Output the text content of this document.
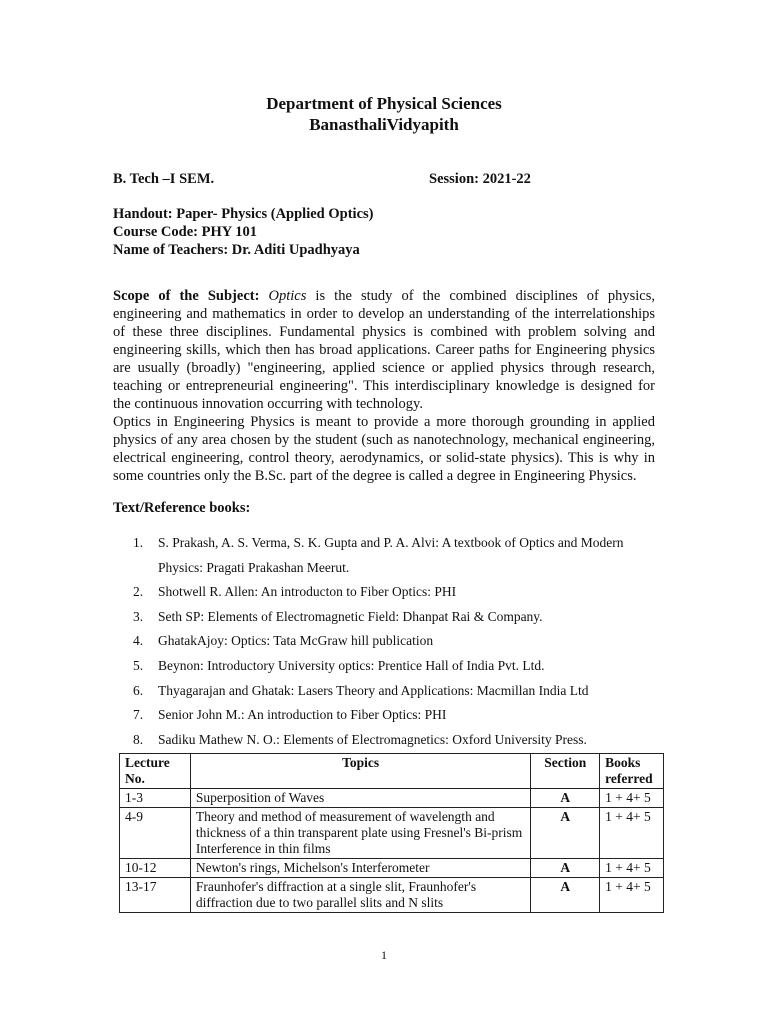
Department of Physical Sciences
BanasthaliVidyapith
B. Tech –I SEM.	Session: 2021-22
Handout: Paper- Physics (Applied Optics)
Course Code: PHY 101
Name of Teachers: Dr. Aditi Upadhyaya
Scope of the Subject: Optics is the study of the combined disciplines of physics, engineering and mathematics in order to develop an understanding of the interrelationships of these three disciplines. Fundamental physics is combined with problem solving and engineering skills, which then has broad applications. Career paths for Engineering physics are usually (broadly) "engineering, applied science or applied physics through research, teaching or entrepreneurial engineering". This interdisciplinary knowledge is designed for the continuous innovation occurring with technology.
Optics in Engineering Physics is meant to provide a more thorough grounding in applied physics of any area chosen by the student (such as nanotechnology, mechanical engineering, electrical engineering, control theory, aerodynamics, or solid-state physics). This is why in some countries only the B.Sc. part of the degree is called a degree in Engineering Physics.
Text/Reference books:
1. S. Prakash, A. S. Verma, S. K. Gupta and P. A. Alvi: A textbook of Optics and Modern
Physics: Pragati Prakashan Meerut.
2. Shotwell R. Allen: An introducton to Fiber Optics: PHI
3. Seth SP: Elements of Electromagnetic Field: Dhanpat Rai & Company.
4. GhatakAjoy: Optics: Tata McGraw hill publication
5. Beynon: Introductory University optics: Prentice Hall of India Pvt. Ltd.
6. Thyagarajan and Ghatak: Lasers Theory and Applications: Macmillan India Ltd
7. Senior John M.: An introduction to Fiber Optics: PHI
8. Sadiku Mathew N. O.: Elements of Electromagnetics: Oxford University Press.
Lecture No.	Topics	Section	Books referred
1-3	Superposition of Waves	A	1 + 4+ 5
4-9	Theory and method of measurement of wavelength and thickness of a thin transparent plate using Fresnel's Bi-prism Interference in thin films	A	1 + 4+ 5
10-12	Newton's rings, Michelson's Interferometer	A	1 + 4+ 5
13-17	Fraunhofer's diffraction at a single slit, Fraunhofer's diffraction due to two parallel slits and N slits	A	1 + 4+ 5
1
